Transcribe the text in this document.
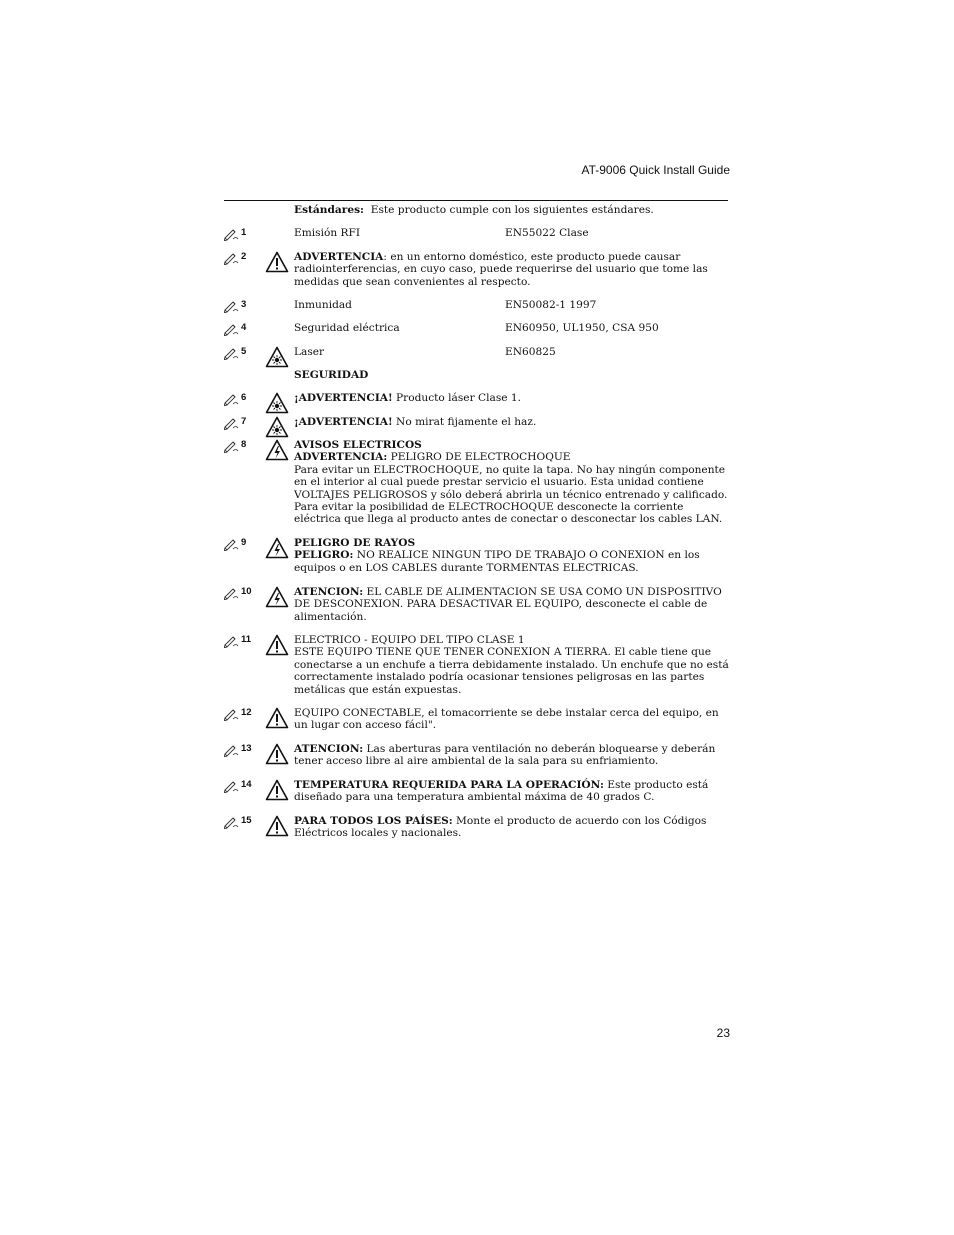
AT-9006 Quick Install Guide
Estándares: Este producto cumple con los siguientes estándares.
1	Emisión RFI	EN55022 Clase
2	ADVERTENCIA: en un entorno doméstico, este producto puede causar radiointerferencias, en cuyo caso, puede requerirse del usuario que tome las medidas que sean convenientes al respecto.
3	Inmunidad	EN50082-1 1997
4	Seguridad eléctrica	EN60950, UL1950, CSA 950
5	Laser	EN60825
SEGURIDAD
6	¡ADVERTENCIA! Producto láser Clase 1.
7	¡ADVERTENCIA! No mirat fijamente el haz.
8	AVISOS ELECTRICOS
ADVERTENCIA: PELIGRO DE ELECTROCHOQUE
Para evitar un ELECTROCHOQUE, no quite la tapa. No hay ningún componente en el interior al cual puede prestar servicio el usuario. Esta unidad contiene VOLTAJES PELIGROSOS y sólo deberá abrirla un técnico entrenado y calificado. Para evitar la posibilidad de ELECTROCHOQUE desconecte la corriente eléctrica que llega al producto antes de conectar o desconectar los cables LAN.
9	PELIGRO DE RAYOS
PELIGRO: NO REALICE NINGUN TIPO DE TRABAJO O CONEXION en los equipos o en LOS CABLES durante TORMENTAS ELECTRICAS.
10	ATENCION: EL CABLE DE ALIMENTACION SE USA COMO UN DISPOSITIVO DE DESCONEXION. PARA DESACTIVAR EL EQUIPO, desconecte el cable de alimentación.
11	ELECTRICO - EQUIPO DEL TIPO CLASE 1
ESTE EQUIPO TIENE QUE TENER CONEXION A TIERRA. El cable tiene que conectarse a un enchufe a tierra debidamente instalado. Un enchufe que no está correctamente instalado podría ocasionar tensiones peligrosas en las partes metálicas que están expuestas.
12	EQUIPO CONECTABLE, el tomacorriente se debe instalar cerca del equipo, en un lugar con acceso fácil".
13	ATENCION: Las aberturas para ventilación no deberán bloquearse y deberán tener acceso libre al aire ambiental de la sala para su enfriamiento.
14	TEMPERATURA REQUERIDA PARA LA OPERACIÓN: Este producto está diseñado para una temperatura ambiental máxima de 40 grados C.
15	PARA TODOS LOS PAÍSES: Monte el producto de acuerdo con los Códigos Eléctricos locales y nacionales.
23
